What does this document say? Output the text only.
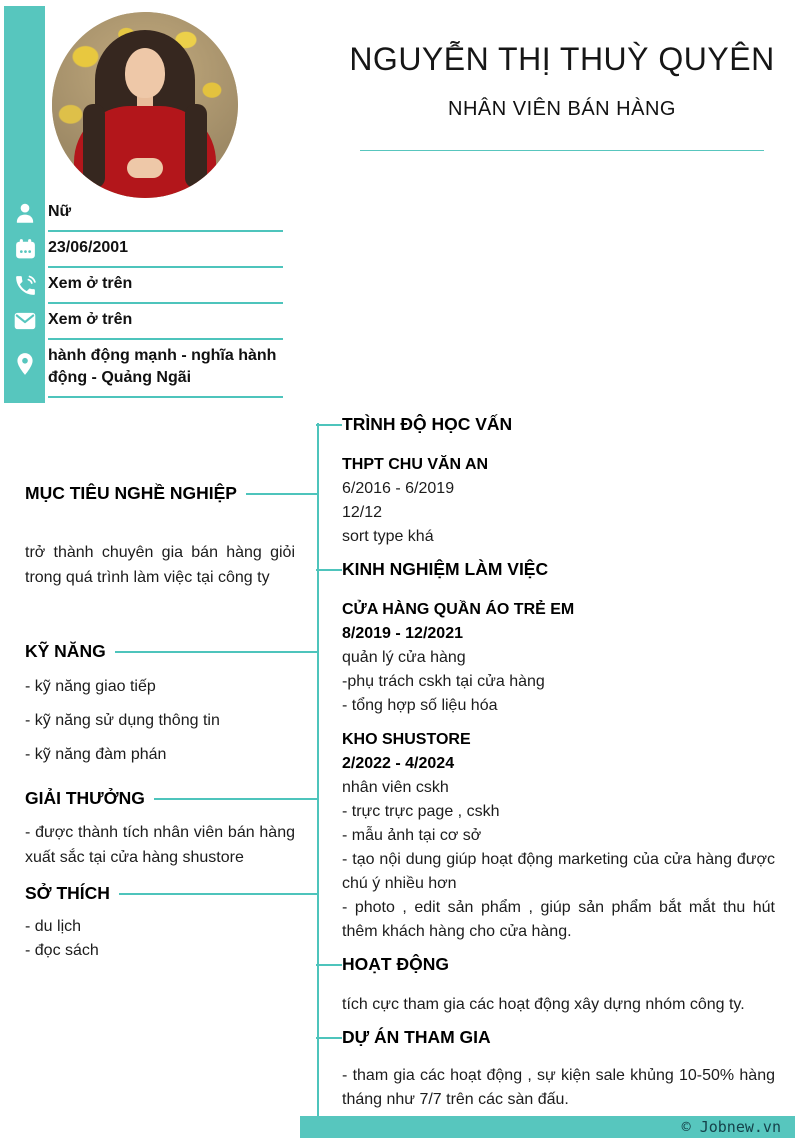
NGUYỄN THỊ THUỲ QUYÊN
NHÂN VIÊN BÁN HÀNG
Nữ
23/06/2001
Xem ở trên
Xem ở trên
hành động mạnh - nghĩa hành động - Quảng Ngãi
MỤC TIÊU NGHỀ NGHIỆP

trở thành chuyên gia bán hàng giỏi trong quá trình làm việc tại công ty

KỸ NĂNG
- kỹ năng giao tiếp
- kỹ năng sử dụng thông tin
- kỹ năng đàm phán
GIẢI THƯỞNG

- được thành tích nhân viên bán hàng xuất sắc tại cửa hàng shustore

SỞ THÍCH
- du lịch
- đọc sách
TRÌNH ĐỘ HỌC VẤN
THPT CHU VĂN AN
6/2016 - 6/2019
12/12
sort type khá
KINH NGHIỆM LÀM VIỆC
CỬA HÀNG QUẦN ÁO TRẺ EM
8/2019 - 12/2021
quản lý cửa hàng
-phụ trách cskh tại cửa hàng
- tổng hợp số liệu hóa
KHO SHUSTORE
2/2022 - 4/2024
nhân viên cskh
- trực trực page , cskh
- mẫu ảnh tại cơ sở

- tạo nội dung giúp hoạt động marketing của cửa hàng được chú ý nhiều hơn

- photo , edit sản phẩm , giúp sản phẩm bắt mắt thu hút thêm khách hàng cho cửa hàng.

HOẠT ĐỘNG

tích cực tham gia các hoạt động xây dựng nhóm công ty.

DỰ ÁN THAM GIA

- tham gia các hoạt động , sự kiện sale khủng 10-50% hàng tháng như 7/7 trên các sàn đấu.

© Jobnew.vn
